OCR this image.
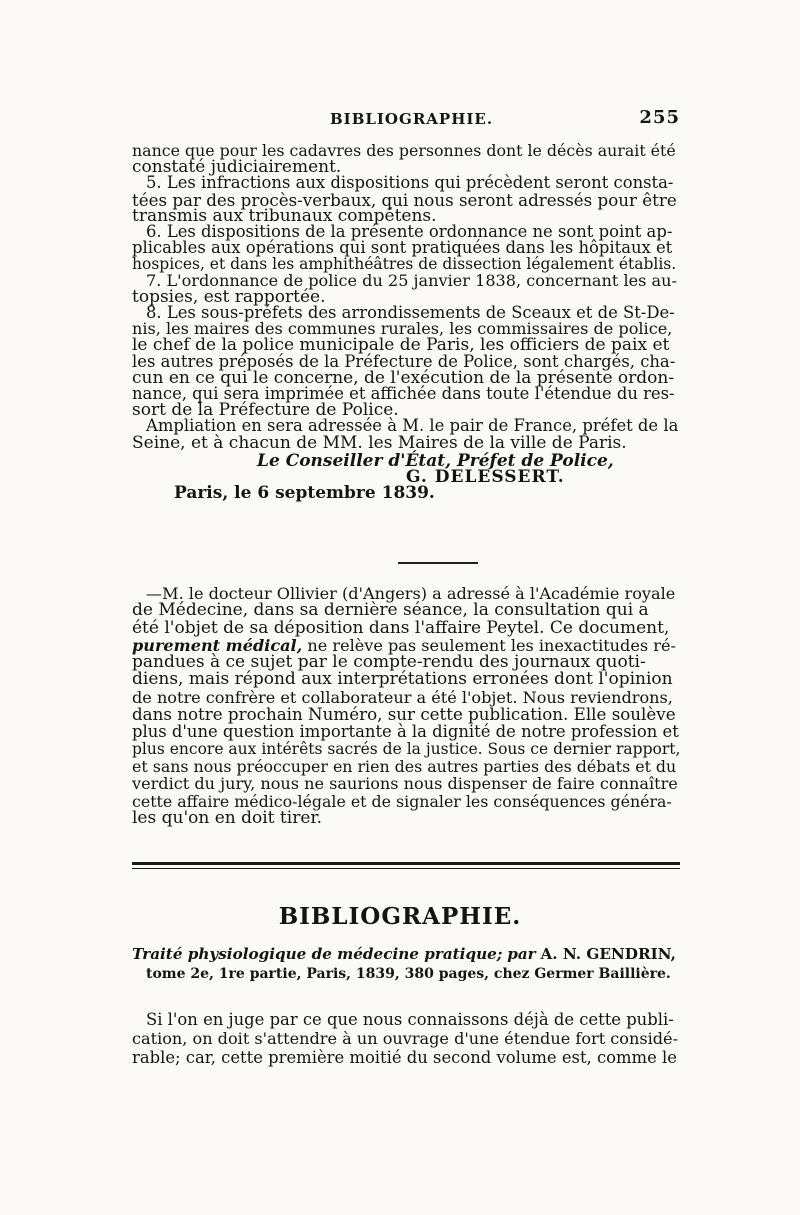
BIBLIOGRAPHIE.	255

nance que pour les cadavres des personnes dont le décès aurait été

constaté judiciairement.

5. Les infractions aux dispositions qui précèdent seront consta-

tées par des procès-verbaux, qui nous seront adressés pour être

transmis aux tribunaux compétens.

6. Les dispositions de la présente ordonnance ne sont point ap-

plicables aux opérations qui sont pratiquées dans les hôpitaux et

hospices, et dans les amphithéâtres de dissection légalement établis.

7. L'ordonnance de police du 25 janvier 1838, concernant les au-

topsies, est rapportée.

8. Les sous-préfets des arrondissements de Sceaux et de St-De-

nis, les maires des communes rurales, les commissaires de police,

le chef de la police municipale de Paris, les officiers de paix et

les autres préposés de la Préfecture de Police, sont chargés, cha-

cun en ce qui le concerne, de l'exécution de la présente ordon-

nance, qui sera imprimée et affichée dans toute l'étendue du res-

sort de la Préfecture de Police.

Ampliation en sera adressée à M. le pair de France, préfet de la

Seine, et à chacun de MM. les Maires de la ville de Paris.

Le Conseiller d'État, Préfet de Police,

G. DELESSERT.

Paris, le 6 septembre 1839.

—M. le docteur Ollivier (d'Angers) a adressé à l'Académie royale

de Médecine, dans sa dernière séance, la consultation qui a

été l'objet de sa déposition dans l'affaire Peytel. Ce document,

purement médical, ne relève pas seulement les inexactitudes ré-

pandues à ce sujet par le compte-rendu des journaux quoti-

diens, mais répond aux interprétations erronées dont l'opinion

de notre confrère et collaborateur a été l'objet. Nous reviendrons,

dans notre prochain Numéro, sur cette publication. Elle soulève

plus d'une question importante à la dignité de notre profession et

plus encore aux intérêts sacrés de la justice. Sous ce dernier rapport,

et sans nous préoccuper en rien des autres parties des débats et du

verdict du jury, nous ne saurions nous dispenser de faire connaître

cette affaire médico-légale et de signaler les conséquences généra-

les qu'on en doit tirer.

BIBLIOGRAPHIE.
Traité physiologique de médecine pratique; par A. N. GENDRIN,
tome 2e, 1re partie, Paris, 1839, 380 pages, chez Germer Baillière.

Si l'on en juge par ce que nous connaissons déjà de cette publi-

cation, on doit s'attendre à un ouvrage d'une étendue fort considé-

rable; car, cette première moitié du second volume est, comme le
